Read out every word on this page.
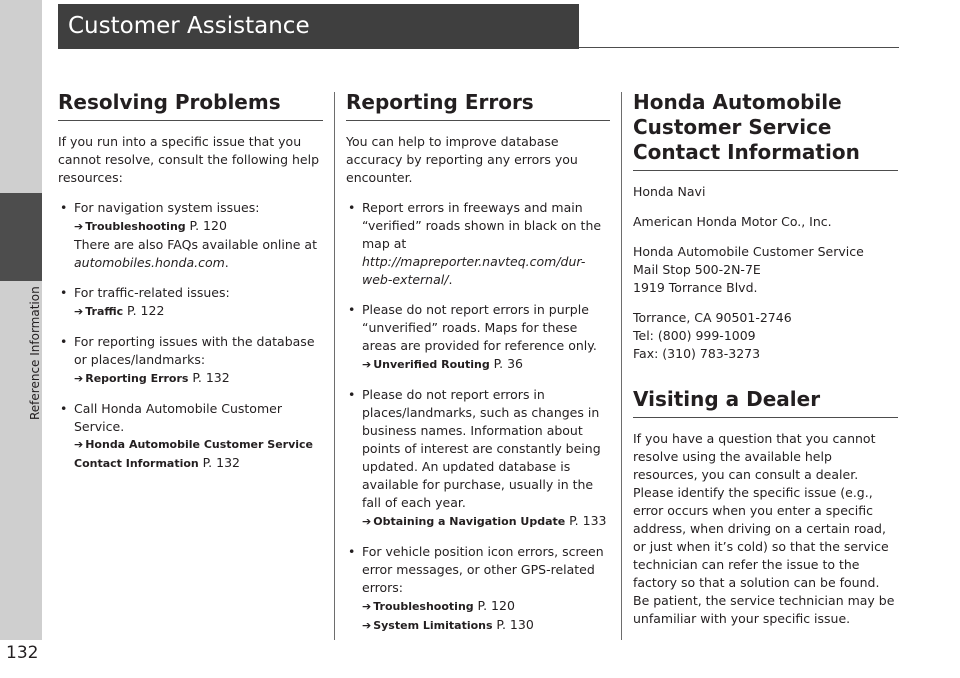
Reference Information
132
Customer Assistance
Resolving Problems

If you run into a specific issue that you cannot resolve, consult the following help resources:

• For navigation system issues:
➔ Troubleshooting P. 120
There are also FAQs available online at
automobiles.honda.com.
• For traffic-related issues:
➔ Traffic P. 122
• For reporting issues with the database or places/landmarks:
➔ Reporting Errors P. 132
• Call Honda Automobile Customer Service.
➔ Honda Automobile Customer Service Contact Information P. 132
Reporting Errors

You can help to improve database accuracy by reporting any errors you encounter.

• Report errors in freeways and main “verified” roads shown in black on the map at http://mapreporter.navteq.com/dur-web-external/.
• Please do not report errors in purple “unverified” roads. Maps for these areas are provided for reference only.
➔ Unverified Routing P. 36
• Please do not report errors in places/landmarks, such as changes in business names. Information about points of interest are constantly being updated. An updated database is available for purchase, usually in the fall of each year.
➔ Obtaining a Navigation Update P. 133
• For vehicle position icon errors, screen error messages, or other GPS-related errors:
➔ Troubleshooting P. 120
➔ System Limitations P. 130
Honda Automobile Customer Service Contact Information

Honda Navi

American Honda Motor Co., Inc.

Honda Automobile Customer Service
Mail Stop 500-2N-7E
1919 Torrance Blvd.

Torrance, CA 90501-2746
Tel: (800) 999-1009
Fax: (310) 783-3273

Visiting a Dealer

If you have a question that you cannot resolve using the available help resources, you can consult a dealer. Please identify the specific issue (e.g., error occurs when you enter a specific address, when driving on a certain road, or just when it’s cold) so that the service technician can refer the issue to the factory so that a solution can be found. Be patient, the service technician may be unfamiliar with your specific issue.
